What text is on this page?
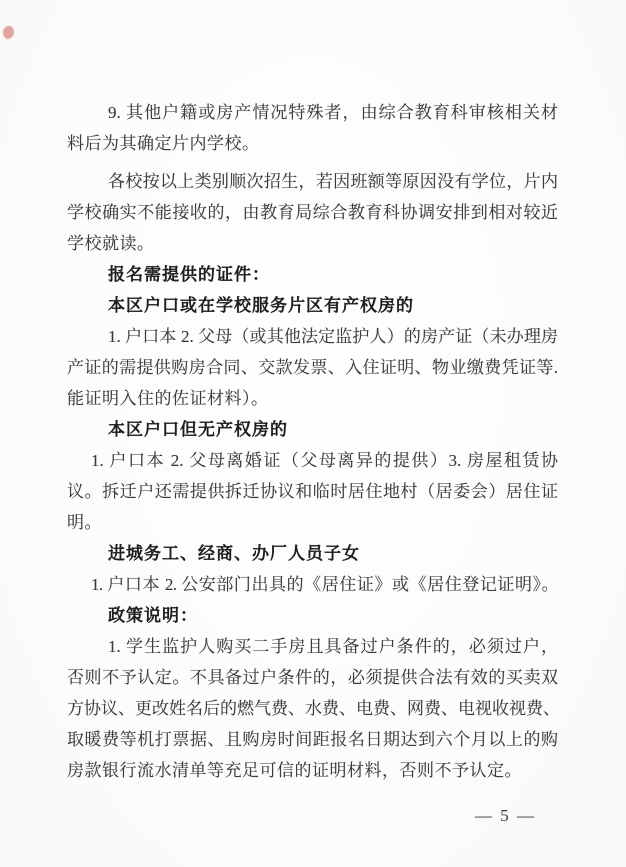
9. 其他户籍或房产情况特殊者，由综合教育科审核相关材
料后为其确定片内学校。
各校按以上类别顺次招生，若因班额等原因没有学位，片内
学校确实不能接收的，由教育局综合教育科协调安排到相对较近
学校就读。
报名需提供的证件：
本区户口或在学校服务片区有产权房的
1. 户口本 2. 父母（或其他法定监护人）的房产证（未办理房
产证的需提供购房合同、交款发票、入住证明、物业缴费凭证等.
能证明入住的佐证材料）。
本区户口但无产权房的
1. 户口本 2. 父母离婚证（父母离异的提供）3. 房屋租赁协
议。拆迁户还需提供拆迁协议和临时居住地村（居委会）居住证
明。
进城务工、经商、办厂人员子女
1. 户口本 2. 公安部门出具的《居住证》或《居住登记证明》。
政策说明：
1. 学生监护人购买二手房且具备过户条件的，必须过户，
否则不予认定。不具备过户条件的，必须提供合法有效的买卖双
方协议、更改姓名后的燃气费、水费、电费、网费、电视收视费、
取暖费等机打票据、且购房时间距报名日期达到六个月以上的购
房款银行流水清单等充足可信的证明材料，否则不予认定。
— 5 —
